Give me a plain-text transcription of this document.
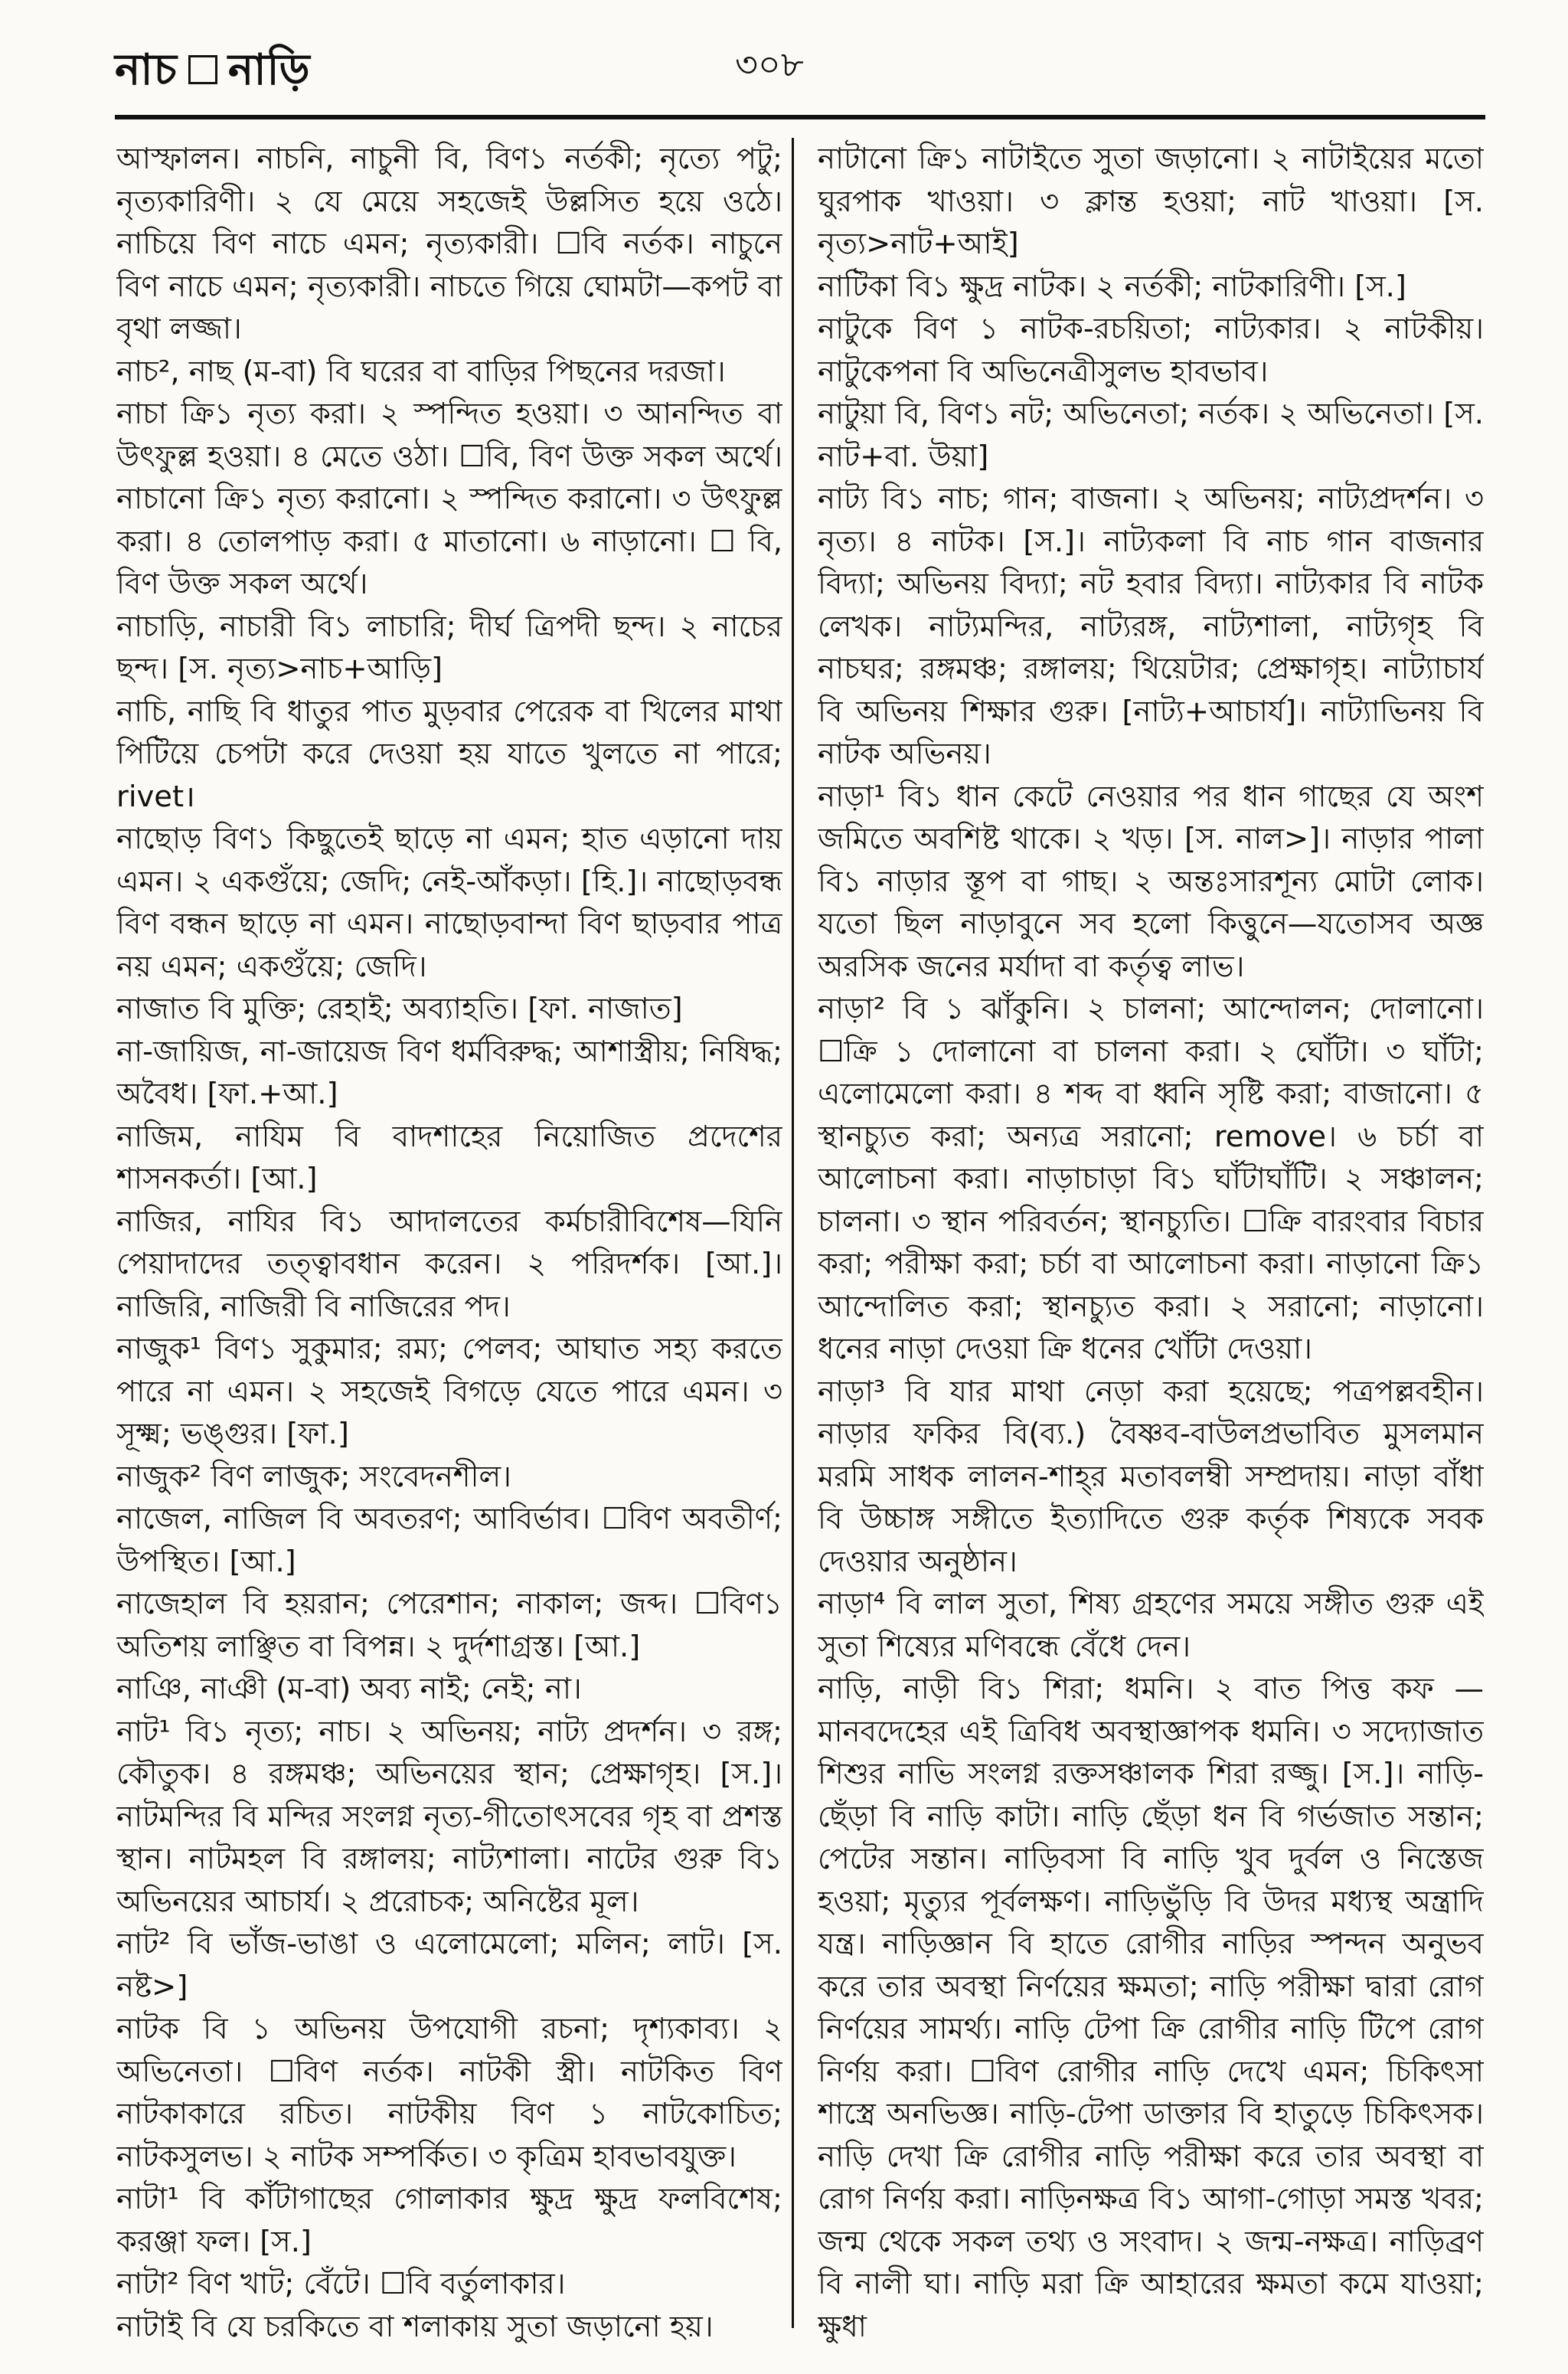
নাচ নাড়ি	৩০৮

আস্ফালন। নাচনি, নাচুনী বি, বিণ১ নর্তকী; নৃত্যে পটু; নৃত্যকারিণী। ২ যে মেয়ে সহজেই উল্লসিত হয়ে ওঠে। নাচিয়ে বিণ নাচে এমন; নৃত্যকারী। ☐বি নর্তক। নাচুনে বিণ নাচে এমন; নৃত্যকারী। নাচতে গিয়ে ঘোমটা—কপট বা বৃথা লজ্জা।

নাচ², নাছ (ম-বা) বি ঘরের বা বাড়ির পিছনের দরজা।

নাচা ক্রি১ নৃত্য করা। ২ স্পন্দিত হওয়া। ৩ আনন্দিত বা উৎফুল্ল হওয়া। ৪ মেতে ওঠা। ☐বি, বিণ উক্ত সকল অর্থে। নাচানো ক্রি১ নৃত্য করানো। ২ স্পন্দিত করানো। ৩ উৎফুল্ল করা। ৪ তোলপাড় করা। ৫ মাতানো। ৬ নাড়ানো। ☐ বি, বিণ উক্ত সকল অর্থে।

নাচাড়ি, নাচারী বি১ লাচারি; দীর্ঘ ত্রিপদী ছন্দ। ২ নাচের ছন্দ। [স. নৃত্য>নাচ+আড়ি]

নাচি, নাছি বি ধাতুর পাত মুড়বার পেরেক বা খিলের মাথা পিটিয়ে চেপটা করে দেওয়া হয় যাতে খুলতে না পারে; rivet।

নাছোড় বিণ১ কিছুতেই ছাড়ে না এমন; হাত এড়ানো দায় এমন। ২ একগুঁয়ে; জেদি; নেই-আঁকড়া। [হি.]। নাছোড়বন্ধ বিণ বন্ধন ছাড়ে না এমন। নাছোড়বান্দা বিণ ছাড়বার পাত্র নয় এমন; একগুঁয়ে; জেদি।

নাজাত বি মুক্তি; রেহাই; অব্যাহতি। [ফা. নাজাত]

না-জায়িজ, না-জায়েজ বিণ ধর্মবিরুদ্ধ; আশাস্ত্রীয়; নিষিদ্ধ; অবৈধ। [ফা.+আ.]

নাজিম, নাযিম বি বাদশাহের নিয়োজিত প্রদেশের শাসনকর্তা। [আ.]

নাজির, নাযির বি১ আদালতের কর্মচারীবিশেষ—যিনি পেয়াদাদের তত্ত্বাবধান করেন। ২ পরিদর্শক। [আ.]। নাজিরি, নাজিরী বি নাজিরের পদ।

নাজুক¹ বিণ১ সুকুমার; রম্য; পেলব; আঘাত সহ্য করতে পারে না এমন। ২ সহজেই বিগড়ে যেতে পারে এমন। ৩ সূক্ষ্ম; ভঙ্গুর। [ফা.]

নাজুক² বিণ লাজুক; সংবেদনশীল।

নাজেল, নাজিল বি অবতরণ; আবির্ভাব। ☐বিণ অবতীর্ণ; উপস্থিত। [আ.]

নাজেহাল বি হয়রান; পেরেশান; নাকাল; জব্দ। ☐বিণ১ অতিশয় লাঞ্ছিত বা বিপন্ন। ২ দুর্দশাগ্রস্ত। [আ.]

নাঞি, নাঞী (ম-বা) অব্য নাই; নেই; না।

নাট¹ বি১ নৃত্য; নাচ। ২ অভিনয়; নাট্য প্রদর্শন। ৩ রঙ্গ; কৌতুক। ৪ রঙ্গমঞ্চ; অভিনয়ের স্থান; প্রেক্ষাগৃহ। [স.]। নাটমন্দির বি মন্দির সংলগ্ন নৃত্য-গীতোৎসবের গৃহ বা প্রশস্ত স্থান। নাটমহল বি রঙ্গালয়; নাট্যশালা। নাটের গুরু বি১ অভিনয়ের আচার্য। ২ প্ররোচক; অনিষ্টের মূল।

নাট² বি ভাঁজ-ভাঙা ও এলোমেলো; মলিন; লাট। [স. নষ্ট>]

নাটক বি ১ অভিনয় উপযোগী রচনা; দৃশ্যকাব্য। ২ অভিনেতা। ☐বিণ নর্তক। নাটকী স্ত্রী। নাটকিত বিণ নাটকাকারে রচিত। নাটকীয় বিণ ১ নাটকোচিত; নাটকসুলভ। ২ নাটক সম্পর্কিত। ৩ কৃত্রিম হাবভাবযুক্ত।

নাটা¹ বি কাঁটাগাছের গোলাকার ক্ষুদ্র ক্ষুদ্র ফলবিশেষ; করঞ্জা ফল। [স.]

নাটা² বিণ খাট; বেঁটে। ☐বি বর্তুলাকার।

নাটাই বি যে চরকিতে বা শলাকায় সুতা জড়ানো হয়।

নাটানো ক্রি১ নাটাইতে সুতা জড়ানো। ২ নাটাইয়ের মতো ঘুরপাক খাওয়া। ৩ ক্লান্ত হওয়া; নাট খাওয়া। [স. নৃত্য>নাট+আই]

নাটিকা বি১ ক্ষুদ্র নাটক। ২ নর্তকী; নাটকারিণী। [স.]

নাটুকে বিণ ১ নাটক-রচয়িতা; নাট্যকার। ২ নাটকীয়। নাটুকেপনা বি অভিনেত্রীসুলভ হাবভাব।

নাটুয়া বি, বিণ১ নট; অভিনেতা; নর্তক। ২ অভিনেতা। [স. নাট+বা. উয়া]

নাট্য বি১ নাচ; গান; বাজনা। ২ অভিনয়; নাট্যপ্রদর্শন। ৩ নৃত্য। ৪ নাটক। [স.]। নাট্যকলা বি নাচ গান বাজনার বিদ্যা; অভিনয় বিদ্যা; নট হবার বিদ্যা। নাট্যকার বি নাটক লেখক। নাট্যমন্দির, নাট্যরঙ্গ, নাট্যশালা, নাট্যগৃহ বি নাচঘর; রঙ্গমঞ্চ; রঙ্গালয়; থিয়েটার; প্রেক্ষাগৃহ। নাট্যাচার্য বি অভিনয় শিক্ষার গুরু। [নাট্য+আচার্য]। নাট্যাভিনয় বি নাটক অভিনয়।

নাড়া¹ বি১ ধান কেটে নেওয়ার পর ধান গাছের যে অংশ জমিতে অবশিষ্ট থাকে। ২ খড়। [স. নাল>]। নাড়ার পালা বি১ নাড়ার স্তূপ বা গাছ। ২ অন্তঃসারশূন্য মোটা লোক। যতো ছিল নাড়াবুনে সব হলো কিত্তুনে—যতোসব অজ্ঞ অরসিক জনের মর্যাদা বা কর্তৃত্ব লাভ।

নাড়া² বি ১ ঝাঁকুনি। ২ চালনা; আন্দোলন; দোলানো। ☐ক্রি ১ দোলানো বা চালনা করা। ২ ঘোঁটা। ৩ ঘাঁটা; এলোমেলো করা। ৪ শব্দ বা ধ্বনি সৃষ্টি করা; বাজানো। ৫ স্থানচ্যুত করা; অন্যত্র সরানো; remove। ৬ চর্চা বা আলোচনা করা। নাড়াচাড়া বি১ ঘাঁটাঘাঁটি। ২ সঞ্চালন; চালনা। ৩ স্থান পরিবর্তন; স্থানচ্যুতি। ☐ক্রি বারংবার বিচার করা; পরীক্ষা করা; চর্চা বা আলোচনা করা। নাড়ানো ক্রি১ আন্দোলিত করা; স্থানচ্যুত করা। ২ সরানো; নাড়ানো। ধনের নাড়া দেওয়া ক্রি ধনের খোঁটা দেওয়া।

নাড়া³ বি যার মাথা নেড়া করা হয়েছে; পত্রপল্লবহীন। নাড়ার ফকির বি(ব্য.) বৈষ্ণব-বাউলপ্রভাবিত মুসলমান মরমি সাধক লালন-শাহ্‌র মতাবলম্বী সম্প্রদায়। নাড়া বাঁধা বি উচ্চাঙ্গ সঙ্গীতে ইত্যাদিতে গুরু কর্তৃক শিষ্যকে সবক দেওয়ার অনুষ্ঠান।

নাড়া⁴ বি লাল সুতা, শিষ্য গ্রহণের সময়ে সঙ্গীত গুরু এই সুতা শিষ্যের মণিবন্ধে বেঁধে দেন।

নাড়ি, নাড়ী বি১ শিরা; ধমনি। ২ বাত পিত্ত কফ — মানবদেহের এই ত্রিবিধ অবস্থাজ্ঞাপক ধমনি। ৩ সদ্যোজাত শিশুর নাভি সংলগ্ন রক্তসঞ্চালক শিরা রজ্জু। [স.]। নাড়ি-ছেঁড়া বি নাড়ি কাটা। নাড়ি ছেঁড়া ধন বি গর্ভজাত সন্তান; পেটের সন্তান। নাড়িবসা বি নাড়ি খুব দুর্বল ও নিস্তেজ হওয়া; মৃত্যুর পূর্বলক্ষণ। নাড়িভুঁড়ি বি উদর মধ্যস্থ অন্ত্রাদি যন্ত্র। নাড়িজ্ঞান বি হাতে রোগীর নাড়ির স্পন্দন অনুভব করে তার অবস্থা নির্ণয়ের ক্ষমতা; নাড়ি পরীক্ষা দ্বারা রোগ নির্ণয়ের সামর্থ্য। নাড়ি টেপা ক্রি রোগীর নাড়ি টিপে রোগ নির্ণয় করা। ☐বিণ রোগীর নাড়ি দেখে এমন; চিকিৎসা শাস্ত্রে অনভিজ্ঞ। নাড়ি-টেপা ডাক্তার বি হাতুড়ে চিকিৎসক। নাড়ি দেখা ক্রি রোগীর নাড়ি পরীক্ষা করে তার অবস্থা বা রোগ নির্ণয় করা। নাড়িনক্ষত্র বি১ আগা-গোড়া সমস্ত খবর; জন্ম থেকে সকল তথ্য ও সংবাদ। ২ জন্ম-নক্ষত্র। নাড়িব্রণ বি নালী ঘা। নাড়ি মরা ক্রি আহারের ক্ষমতা কমে যাওয়া; ক্ষুধা
